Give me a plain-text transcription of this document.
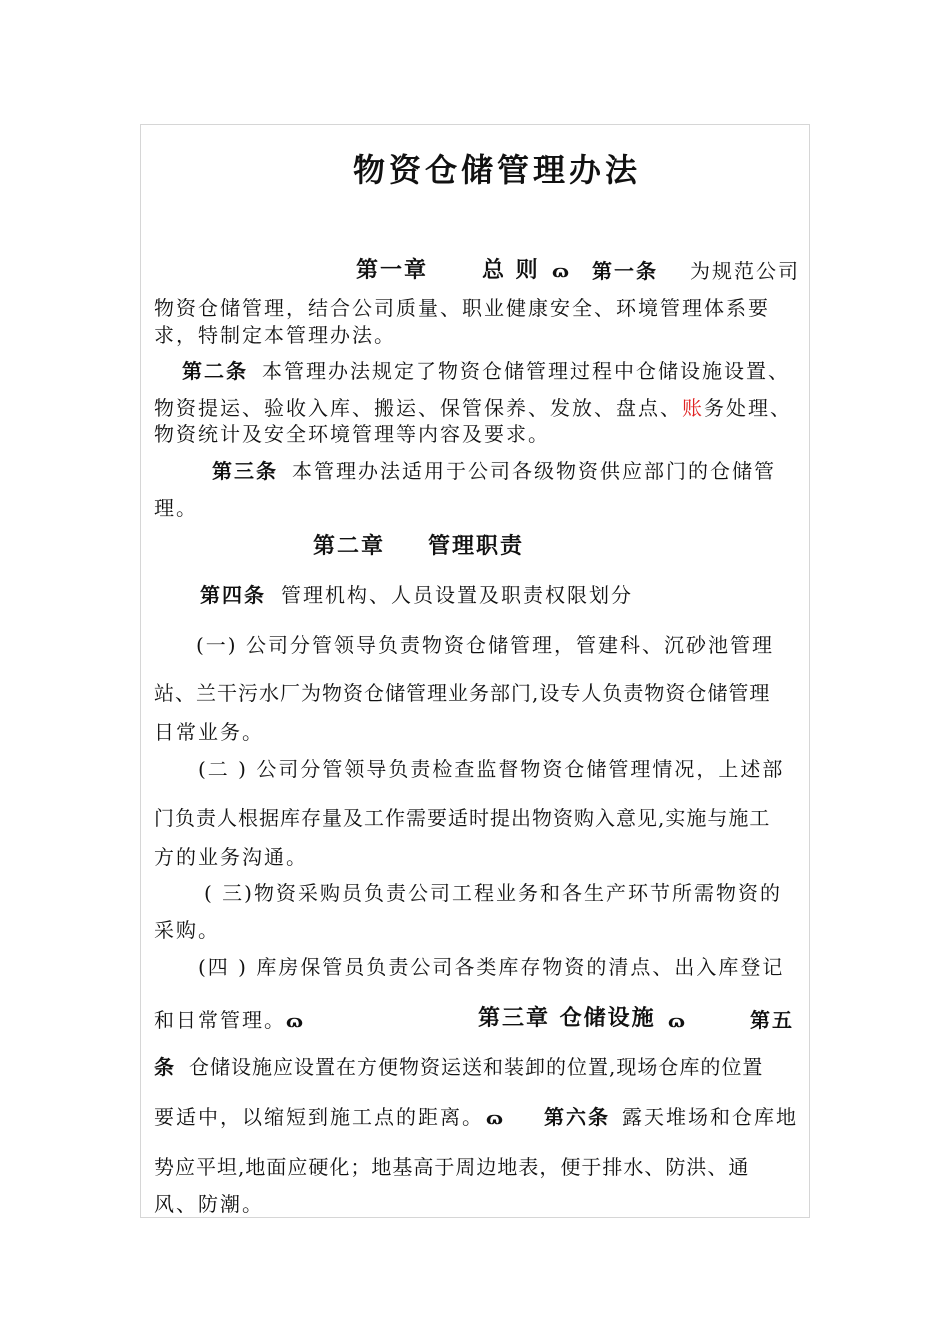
物资仓储管理办法
第一章 总 则 ɷ 第一条 为规范公司
物资仓储管理，结合公司质量、职业健康安全、环境管理体系要
求，特制定本管理办法。
第二条 本管理办法规定了物资仓储管理过程中仓储设施设置、
物资提运、验收入库、搬运、保管保养、发放、盘点、账务处理、
物资统计及安全环境管理等内容及要求。
第三条 本管理办法适用于公司各级物资供应部门的仓储管
理。
第二章 管理职责
第四条 管理机构、人员设置及职责权限划分
(一) 公司分管领导负责物资仓储管理，管建科、沉砂池管理
站、兰干污水厂为物资仓储管理业务部门,设专人负责物资仓储管理
日常业务。
(二 ) 公司分管领导负责检查监督物资仓储管理情况，上述部
门负责人根据库存量及工作需要适时提出物资购入意见,实施与施工
方的业务沟通。
( 三)物资采购员负责公司工程业务和各生产环节所需物资的
采购。
(四 ) 库房保管员负责公司各类库存物资的清点、出入库登记
和日常管理。 ɷ	第三章 仓储设施 ɷ	第五
条 仓储设施应设置在方便物资运送和装卸的位置,现场仓库的位置
要适中，以缩短到施工点的距离。 ɷ 第六条 露天堆场和仓库地
势应平坦,地面应硬化；地基高于周边地表，便于排水、防洪、通
风、防潮。
